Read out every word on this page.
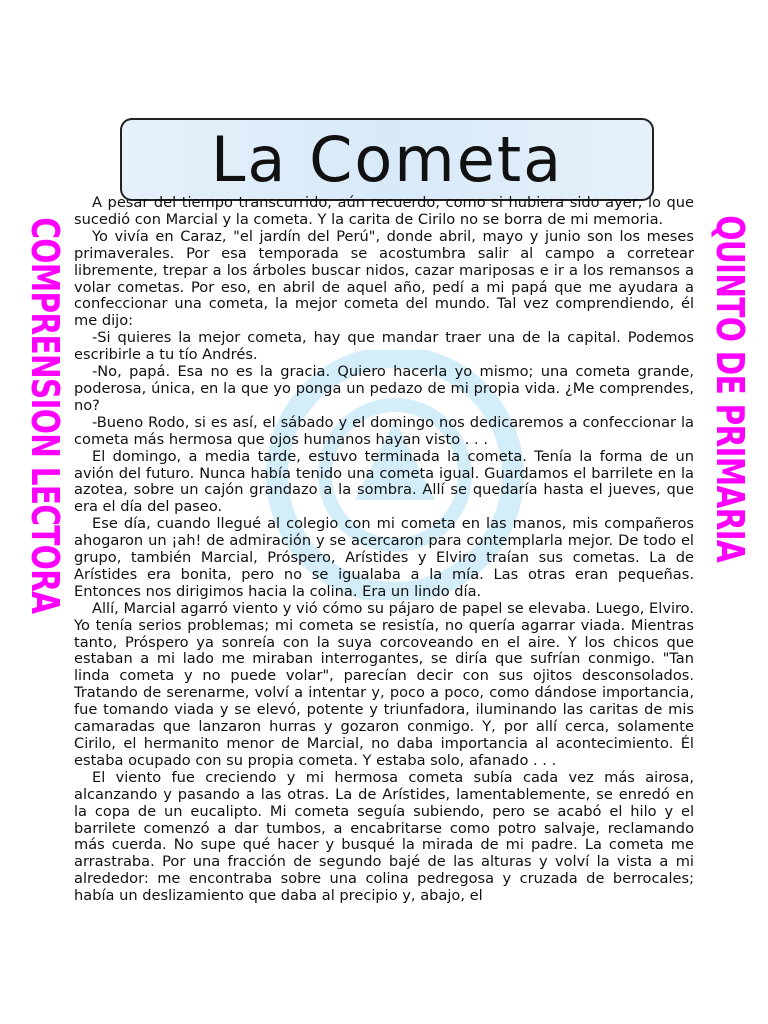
La Cometa
COMPRENSION LECTORA	QUINTO DE PRIMARIA

A pesar del tiempo transcurrido, aún recuerdo, como si hubiera sido ayer, lo que sucedió con Marcial y la cometa. Y la carita de Cirilo no se borra de mi memoria.

Yo vivía en Caraz, "el jardín del Perú", donde abril, mayo y junio son los meses primaverales. Por esa temporada se acostumbra salir al campo a corretear libremente, trepar a los árboles buscar nidos, cazar mariposas e ir a los remansos a volar cometas. Por eso, en abril de aquel año, pedí a mi papá que me ayudara a confeccionar una cometa, la mejor cometa del mundo. Tal vez comprendiendo, él me dijo:

-Si quieres la mejor cometa, hay que mandar traer una de la capital. Podemos escribirle a tu tío Andrés.

-No, papá. Esa no es la gracia. Quiero hacerla yo mismo; una cometa grande, poderosa, única, en la que yo ponga un pedazo de mi propia vida. ¿Me comprendes, no?

-Bueno Rodo, si es así, el sábado y el domingo nos dedicaremos a confeccionar la cometa más hermosa que ojos humanos hayan visto . . .

El domingo, a media tarde, estuvo terminada la cometa. Tenía la forma de un avión del futuro. Nunca había tenido una cometa igual. Guardamos el barrilete en la azotea, sobre un cajón grandazo a la sombra. Allí se quedaría hasta el jueves, que era el día del paseo.

Ese día, cuando llegué al colegio con mi cometa en las manos, mis compañeros ahogaron un ¡ah! de admiración y se acercaron para contemplarla mejor. De todo el grupo, también Marcial, Próspero, Arístides y Elviro traían sus cometas. La de Arístides era bonita, pero no se igualaba a la mía. Las otras eran pequeñas. Entonces nos dirigimos hacia la colina. Era un lindo día.

Allí, Marcial agarró viento y vió cómo su pájaro de papel se elevaba. Luego, Elviro. Yo tenía serios problemas; mi cometa se resistía, no quería agarrar viada. Mientras tanto, Próspero ya sonreía con la suya corcoveando en el aire. Y los chicos que estaban a mi lado me miraban interrogantes, se diría que sufrían conmigo. "Tan linda cometa y no puede volar", parecían decir con sus ojitos desconsolados. Tratando de serenarme, volví a intentar y, poco a poco, como dándose importancia, fue tomando viada y se elevó, potente y triunfadora, iluminando las caritas de mis camaradas que lanzaron hurras y gozaron conmigo. Y, por allí cerca, solamente Cirilo, el hermanito menor de Marcial, no daba importancia al acontecimiento. Él estaba ocupado con su propia cometa. Y estaba solo, afanado . . .

El viento fue creciendo y mi hermosa cometa subía cada vez más airosa, alcanzando y pasando a las otras. La de Arístides, lamentablemente, se enredó en la copa de un eucalipto. Mi cometa seguía subiendo, pero se acabó el hilo y el barrilete comenzó a dar tumbos, a encabritarse como potro salvaje, reclamando más cuerda. No supe qué hacer y busqué la mirada de mi padre. La cometa me arrastraba. Por una fracción de segundo bajé de las alturas y volví la vista a mi alrededor: me encontraba sobre una colina pedregosa y cruzada de berrocales; había un deslizamiento que daba al precipio y, abajo, el
